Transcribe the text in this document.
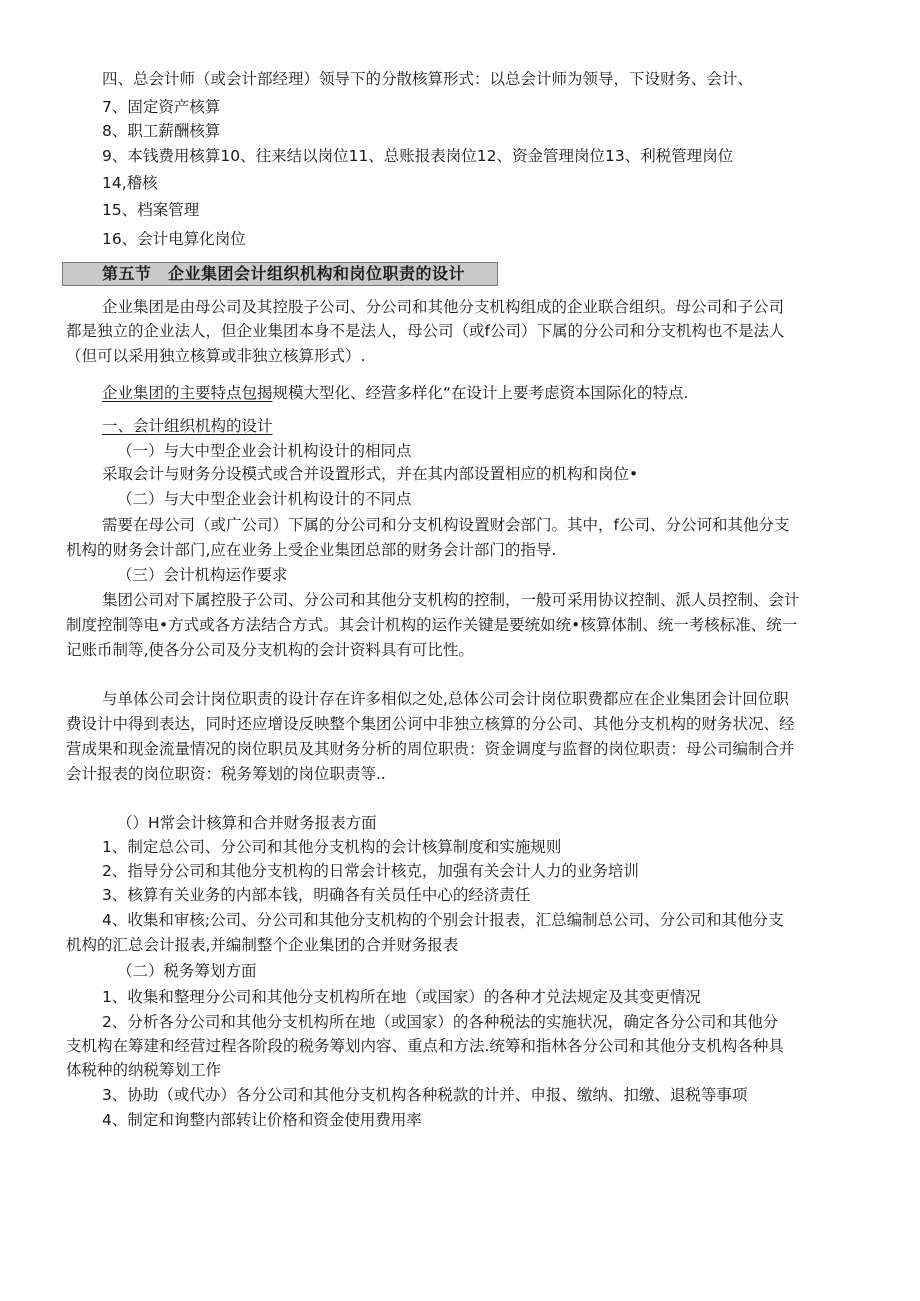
四、总会计师（或会计部经理）领导下的分散核算形式：以总会计师为领导，下设财务、会计、
7、固定资产核算
8、职工薪酬核算
9、本钱费用核算10、往来结以岗位11、总账报表岗位12、资金管理岗位13、利税管理岗位
14,稽核
15、档案管理
16、会计电算化岗位
第五节　企业集团会计组织机构和岗位职责的设计
企业集团是由母公司及其控股子公司、分公司和其他分支机构组成的企业联合组织。母公司和子公司
都是独立的企业法人，但企业集团本身不是法人，母公司（或f公司）下属的分公司和分支机构也不是法人
（但可以采用独立核算或非独立核算形式）.
企业集团的主要特点包揭规模大型化、经营多样化“在设计上要考虑资本国际化的特点.
一、会计组织机构的设计
（一）与大中型企业会计机构设计的相同点
采取会计与财务分设模式或合并设置形式，并在其内部设置相应的机构和岗位•
（二）与大中型企业会计机构设计的不同点
需要在母公司（或广公司）下属的分公司和分支机构设置财会部门。其中，f公司、分公诃和其他分支
机构的财务会计部门,应在业务上受企业集团总部的财务会计部门的指导.
（三）会计机构运作要求
集团公司对下属控股子公司、分公司和其他分支机构的控制，一般可采用协议控制、派人员控制、会计
制度控制等电•方式或各方法结合方式。其会计机构的运作关键是要统如统•核算体制、统一考核标准、统一
记账币制等,使各分公司及分支机构的会计资料具有可比性。
与单体公司会计岗位职责的设计存在许多相似之处,总体公司会计岗位职费都应在企业集团会计回位职
费设计中得到表达，同时还应增设反映整个集团公诃中非独立核算的分公司、其他分支机构的财务状况、经
营成果和现金流量情况的岗位职员及其财务分析的周位职贵：资金调度与监督的岗位职责：母公司编制合并
会计报表的岗位职资：税务筹划的岗位职责等..
（）H常会计核算和合并财务报表方面
1、制定总公司、分公司和其他分支机构的会计核算制度和实施规则
2、指导分公司和其他分支机构的日常会计核克，加强有关会计人力的业务培训
3、核算有关业务的内部本钱，明确各有关员任中心的经济责任
4、收集和审核;公司、分公司和其他分支机构的个别会计报表，汇总编制总公司、分公司和其他分支
机构的汇总会计报表,并编制整个企业集团的合并财务报表
（二）税务筹划方面
1、收集和整理分公司和其他分支机构所在地（或国家）的各种才兑法规定及其变更情况
2、分析各分公司和其他分支机构所在地（或国家）的各种税法的实施状况，确定各分公司和其他分
支机构在筹建和经营过程各阶段的税务筹划内容、重点和方法.统筹和指林各分公司和其他分支机构各种具
体税种的纳税筹划工作
3、协助（或代办）各分公司和其他分支机构各种税款的计并、申报、缴纳、扣缴、退税等事项
4、制定和询整内部转让价格和资金使用费用率
